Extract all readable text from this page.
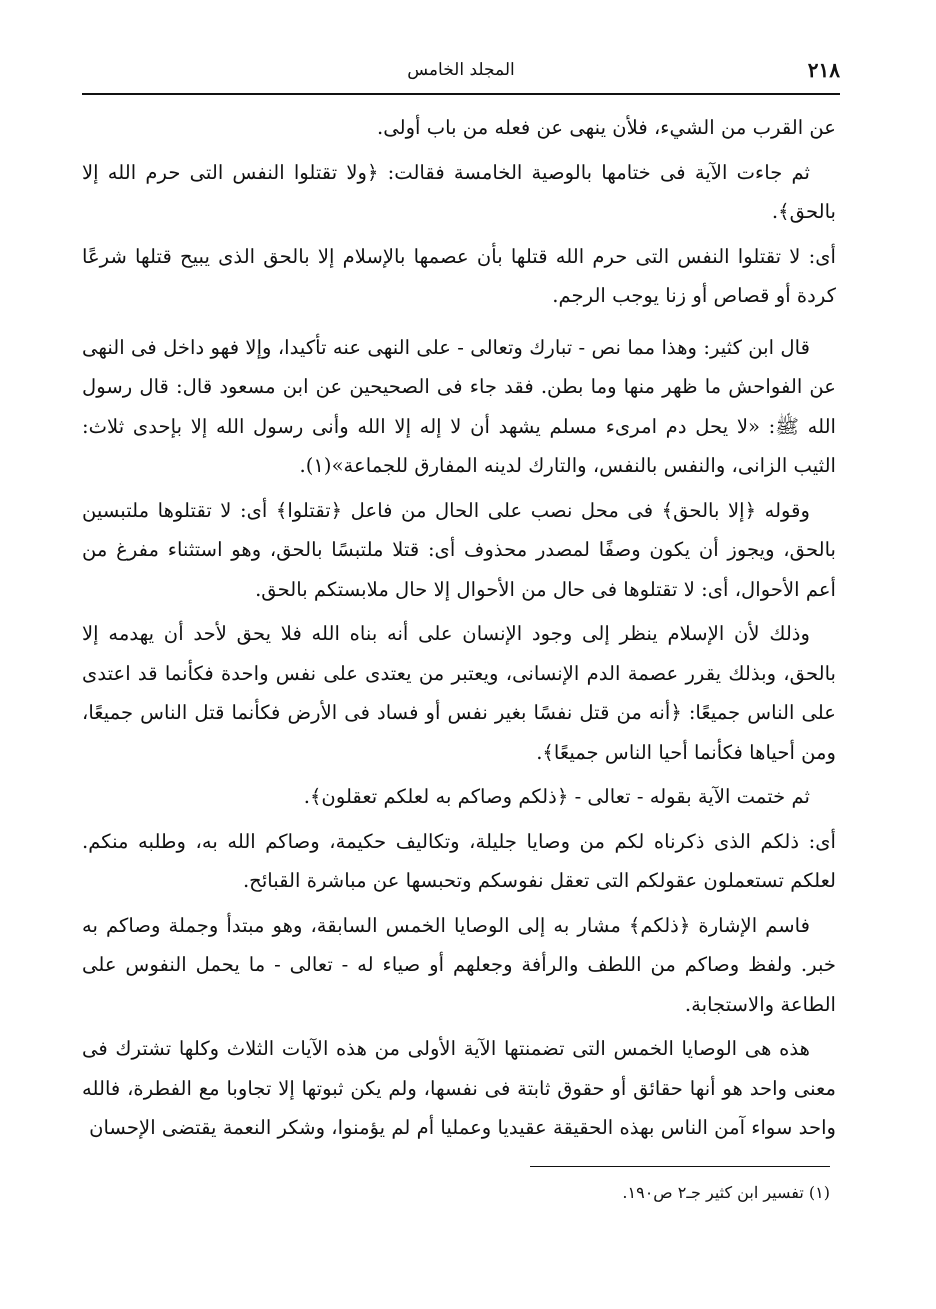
٢١٨
المجلد الخامس

عن القرب من الشيء، فلأن ينهى عن فعله من باب أولى.

ثم جاءت الآية فى ختامها بالوصية الخامسة فقالت: ﴿ولا تقتلوا النفس التى حرم الله إلا بالحق﴾.

أى: لا تقتلوا النفس التى حرم الله قتلها بأن عصمها بالإسلام إلا بالحق الذى يبيح قتلها شرعًا كردة أو قصاص أو زنا يوجب الرجم.

قال ابن كثير: وهذا مما نص - تبارك وتعالى - على النهى عنه تأكيدا، وإلا فهو داخل فى النهى عن الفواحش ما ظهر منها وما بطن. فقد جاء فى الصحيحين عن ابن مسعود قال: قال رسول الله ﷺ: «لا يحل دم امرىء مسلم يشهد أن لا إله إلا الله وأنى رسول الله إلا بإحدى ثلاث: الثيب الزانى، والنفس بالنفس، والتارك لدينه المفارق للجماعة»(١).

وقوله ﴿إلا بالحق﴾ فى محل نصب على الحال من فاعل ﴿تقتلوا﴾ أى: لا تقتلوها ملتبسين بالحق، ويجوز أن يكون وصفًا لمصدر محذوف أى: قتلا ملتبسًا بالحق، وهو استثناء مفرغ من أعم الأحوال، أى: لا تقتلوها فى حال من الأحوال إلا حال ملابستكم بالحق.

وذلك لأن الإسلام ينظر إلى وجود الإنسان على أنه بناه الله فلا يحق لأحد أن يهدمه إلا بالحق، وبذلك يقرر عصمة الدم الإنسانى، ويعتبر من يعتدى على نفس واحدة فكأنما قد اعتدى على الناس جميعًا: ﴿أنه من قتل نفسًا بغير نفس أو فساد فى الأرض فكأنما قتل الناس جميعًا، ومن أحياها فكأنما أحيا الناس جميعًا﴾.

ثم ختمت الآية بقوله - تعالى - ﴿ذلكم وصاكم به لعلكم تعقلون﴾.

أى: ذلكم الذى ذكرناه لكم من وصايا جليلة، وتكاليف حكيمة، وصاكم الله به، وطلبه منكم. لعلكم تستعملون عقولكم التى تعقل نفوسكم وتحبسها عن مباشرة القبائح.

فاسم الإشارة ﴿ذلكم﴾ مشار به إلى الوصايا الخمس السابقة، وهو مبتدأ وجملة وصاكم به خبر. ولفظ وصاكم من اللطف والرأفة وجعلهم أو صياء له - تعالى - ما يحمل النفوس على الطاعة والاستجابة.

هذه هى الوصايا الخمس التى تضمنتها الآية الأولى من هذه الآيات الثلاث وكلها تشترك فى معنى واحد هو أنها حقائق أو حقوق ثابتة فى نفسها، ولم يكن ثبوتها إلا تجاوبا مع الفطرة، فالله واحد سواء آمن الناس بهذه الحقيقة عقيديا وعمليا أم لم يؤمنوا، وشكر النعمة يقتضى الإحسان

(١) تفسير ابن كثير جـ٢ ص١٩٠.
